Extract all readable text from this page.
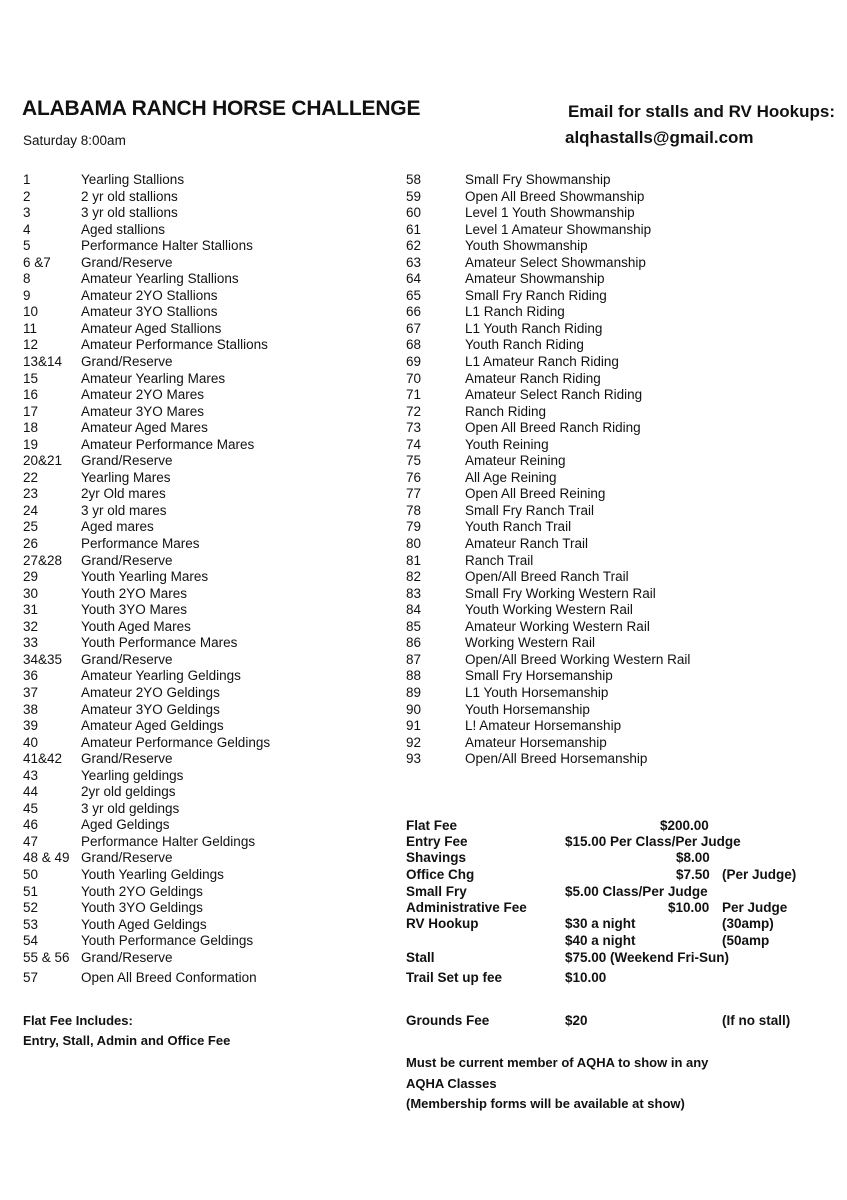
ALABAMA RANCH HORSE CHALLENGE
Saturday 8:00am
Email for stalls and RV Hookups:
alqhastalls@gmail.com
1	Yearling Stallions
2	2 yr old stallions
3	3 yr old stallions
4	Aged stallions
5	Performance Halter Stallions
6 &7	Grand/Reserve
8	Amateur Yearling Stallions
9	Amateur 2YO Stallions
10	Amateur 3YO Stallions
11	Amateur Aged Stallions
12	Amateur Performance Stallions
13&14	Grand/Reserve
15	Amateur Yearling Mares
16	Amateur 2YO Mares
17	Amateur 3YO Mares
18	Amateur Aged Mares
19	Amateur Performance Mares
20&21	Grand/Reserve
22	Yearling Mares
23	2yr Old mares
24	3 yr old mares
25	Aged mares
26	Performance Mares
27&28	Grand/Reserve
29	Youth Yearling Mares
30	Youth 2YO Mares
31	Youth 3YO Mares
32	Youth Aged Mares
33	Youth Performance Mares
34&35	Grand/Reserve
36	Amateur Yearling Geldings
37	Amateur 2YO Geldings
38	Amateur 3YO Geldings
39	Amateur Aged Geldings
40	Amateur Performance Geldings
41&42	Grand/Reserve
43	Yearling geldings
44	2yr old geldings
45	3 yr old geldings
46	Aged Geldings
47	Performance Halter Geldings
48 & 49 Grand/Reserve
50	Youth Yearling Geldings
51	Youth 2YO Geldings
52	Youth 3YO Geldings
53	Youth Aged Geldings
54	Youth Performance Geldings
55 & 56 Grand/Reserve
57	Open All Breed Conformation
58	Small Fry Showmanship
59	Open All Breed Showmanship
60	Level 1 Youth Showmanship
61	Level 1 Amateur Showmanship
62	Youth Showmanship
63	Amateur Select Showmanship
64	Amateur Showmanship
65	Small Fry Ranch Riding
66	L1 Ranch Riding
67	L1 Youth Ranch Riding
68	Youth Ranch Riding
69	L1 Amateur Ranch Riding
70	Amateur Ranch Riding
71	Amateur Select Ranch Riding
72	Ranch Riding
73	Open All Breed Ranch Riding
74	Youth Reining
75	Amateur Reining
76	All Age Reining
77	Open All Breed Reining
78	Small Fry Ranch Trail
79	Youth Ranch Trail
80	Amateur Ranch Trail
81	Ranch Trail
82	Open/All Breed Ranch Trail
83	Small Fry Working Western Rail
84	Youth Working Western Rail
85	Amateur Working Western Rail
86	Working Western Rail
87	Open/All Breed Working Western Rail
88	Small Fry Horsemanship
89	L1 Youth Horsemanship
90	Youth Horsemanship
91	L! Amateur Horsemanship
92	Amateur Horsemanship
93	Open/All Breed Horsemanship
Flat Fee	$200.00
Entry Fee	$15.00 Per Class/Per Judge
Shavings	$8.00
Office Chg	$7.50 (Per Judge)
Small Fry	$5.00 Class/Per Judge
Administrative Fee	$10.00 Per Judge
RV Hookup	$30 a night	(30amp)
$40 a night	(50amp
Stall	$75.00 (Weekend Fri-Sun)
Trail Set up fee	$10.00
Grounds Fee	$20	(If no stall)
Flat Fee Includes:
Entry, Stall, Admin and Office Fee
Must be current member of AQHA to show in any
AQHA Classes
(Membership forms will be available at show)
